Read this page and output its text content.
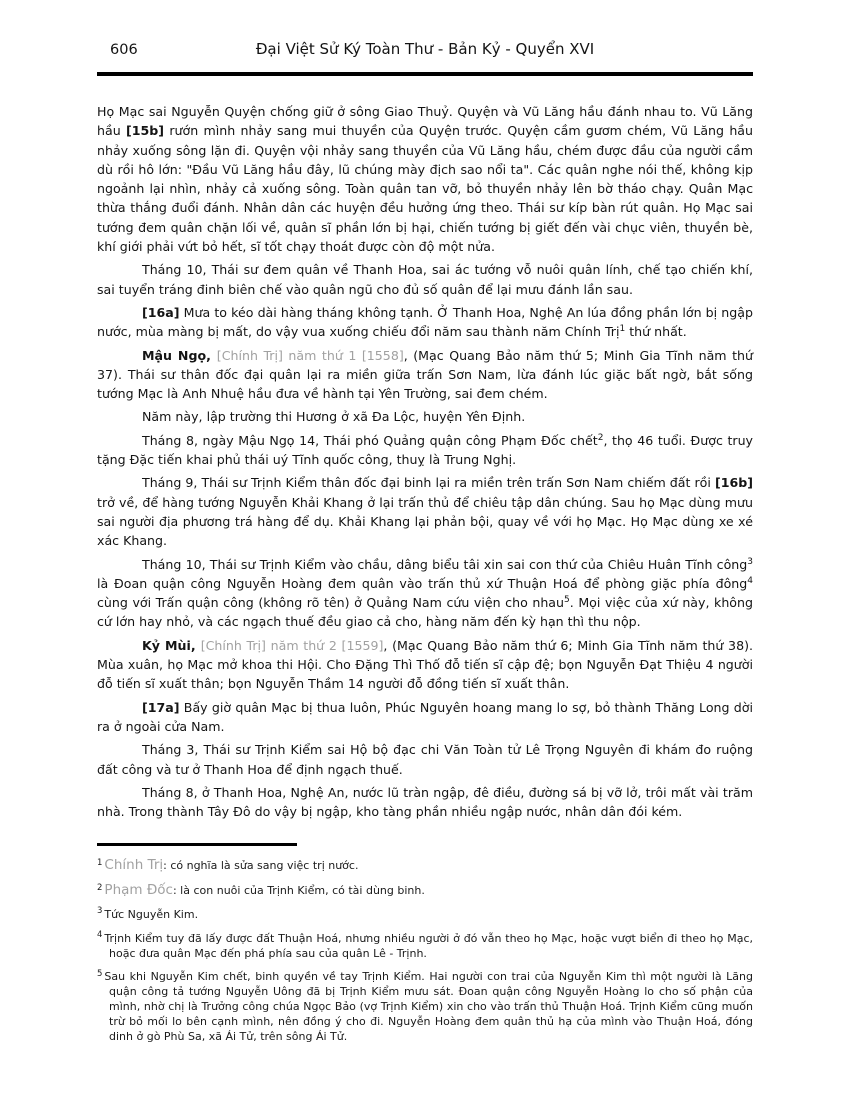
606	Đại Việt Sử Ký Toàn Thư - Bản Kỷ - Quyển XVI

Họ Mạc sai Nguyễn Quyện chống giữ ở sông Giao Thuỷ. Quyện và Vũ Lăng hầu đánh nhau to. Vũ Lăng hầu [15b] rướn mình nhảy sang mui thuyền của Quyện trước. Quyện cầm gươm chém, Vũ Lăng hầu nhảy xuống sông lặn đi. Quyện vội nhảy sang thuyền của Vũ Lăng hầu, chém được đầu của người cầm dù rồi hô lớn: "Đầu Vũ Lăng hầu đây, lũ chúng mày địch sao nổi ta". Các quân nghe nói thế, không kịp ngoảnh lại nhìn, nhảy cả xuống sông. Toàn quân tan vỡ, bỏ thuyền nhảy lên bờ tháo chạy. Quân Mạc thừa thắng đuổi đánh. Nhân dân các huyện đều hưởng ứng theo. Thái sư kíp bàn rút quân. Họ Mạc sai tướng đem quân chặn lối về, quân sĩ phần lớn bị hại, chiến tướng bị giết đến vài chục viên, thuyền bè, khí giới phải vứt bỏ hết, sĩ tốt chạy thoát được còn độ một nửa.

Tháng 10, Thái sư đem quân về Thanh Hoa, sai ác tướng vỗ nuôi quân lính, chế tạo chiến khí, sai tuyển tráng đinh biên chế vào quân ngũ cho đủ số quân để lại mưu đánh lần sau.

[16a] Mưa to kéo dài hàng tháng không tạnh. Ở Thanh Hoa, Nghệ An lúa đồng phần lớn bị ngập nước, mùa màng bị mất, do vậy vua xuống chiếu đổi năm sau thành năm Chính Trị$^1$ thứ nhất.

Mậu Ngọ, [Chính Trị] năm thứ 1 [1558], (Mạc Quang Bảo năm thứ 5; Minh Gia Tĩnh năm thứ 37). Thái sư thân đốc đại quân lại ra miền giữa trấn Sơn Nam, lừa đánh lúc giặc bất ngờ, bắt sống tướng Mạc là Anh Nhuệ hầu đưa về hành tại Yên Trường, sai đem chém.

Năm này, lập trường thi Hương ở xã Đa Lộc, huyện Yên Định.

Tháng 8, ngày Mậu Ngọ 14, Thái phó Quảng quận công Phạm Đốc chết$^2$, thọ 46 tuổi. Được truy tặng Đặc tiến khai phủ thái uý Tĩnh quốc công, thuỵ là Trung Nghị.

Tháng 9, Thái sư Trịnh Kiểm thân đốc đại binh lại ra miền trên trấn Sơn Nam chiếm đất rồi [16b] trở về, để hàng tướng Nguyễn Khải Khang ở lại trấn thủ để chiêu tập dân chúng. Sau họ Mạc dùng mưu sai người địa phương trá hàng để dụ. Khải Khang lại phản bội, quay về với họ Mạc. Họ Mạc dùng xe xé xác Khang.

Tháng 10, Thái sư Trịnh Kiểm vào chầu, dâng biểu tâi xin sai con thứ của Chiêu Huân Tĩnh công$^3$ là Đoan quận công Nguyễn Hoàng đem quân vào trấn thủ xứ Thuận Hoá để phòng giặc phía đông$^4$ cùng với Trấn quận công (không rõ tên) ở Quảng Nam cứu viện cho nhau$^5$. Mọi việc của xứ này, không cứ lớn hay nhỏ, và các ngạch thuế đều giao cả cho, hàng năm đến kỳ hạn thì thu nộp.

Kỷ Mùi, [Chính Trị] năm thứ 2 [1559], (Mạc Quang Bảo năm thứ 6; Minh Gia Tĩnh năm thứ 38). Mùa xuân, họ Mạc mở khoa thi Hội. Cho Đặng Thì Thố đỗ tiến sĩ cập đệ; bọn Nguyễn Đạt Thiệu 4 người đỗ tiến sĩ xuất thân; bọn Nguyễn Thầm 14 người đỗ đồng tiến sĩ xuất thân.

[17a] Bấy giờ quân Mạc bị thua luôn, Phúc Nguyên hoang mang lo sợ, bỏ thành Thăng Long dời ra ở ngoài cửa Nam.

Tháng 3, Thái sư Trịnh Kiểm sai Hộ bộ đạc chi Văn Toàn tử Lê Trọng Nguyên đi khám đo ruộng đất công và tư ở Thanh Hoa để định ngạch thuế.

Tháng 8, ở Thanh Hoa, Nghệ An, nước lũ tràn ngập, đê điều, đường sá bị vỡ lở, trôi mất vài trăm nhà. Trong thành Tây Đô do vậy bị ngập, kho tàng phần nhiều ngập nước, nhân dân đói kém.

$^1$ Chính Trị: có nghĩa là sửa sang việc trị nước.

$^2$ Phạm Đốc: là con nuôi của Trịnh Kiểm, có tài dùng binh.

$^3$ Tức Nguyễn Kim.

$^4$ Trịnh Kiểm tuy đã lấy được đất Thuận Hoá, nhưng nhiều người ở đó vẫn theo họ Mạc, hoặc vượt biển đi theo họ Mạc, hoặc đưa quân Mạc đến phá phía sau của quân Lê - Trịnh.

$^5$ Sau khi Nguyễn Kim chết, binh quyền về tay Trịnh Kiểm. Hai người con trai của Nguyễn Kim thì một người là Lãng quận công tả tướng Nguyễn Uông đã bị Trịnh Kiểm mưu sát. Đoan quận công Nguyễn Hoàng lo cho số phận của mình, nhờ chị là Trưởng công chúa Ngọc Bảo (vợ Trịnh Kiểm) xin cho vào trấn thủ Thuận Hoá. Trịnh Kiểm cũng muốn trừ bỏ mối lo bên cạnh mình, nên đồng ý cho đi. Nguyễn Hoàng đem quân thủ hạ của mình vào Thuận Hoá, đóng dinh ở gò Phù Sa, xã Ái Tử, trên sông Ái Tử.
